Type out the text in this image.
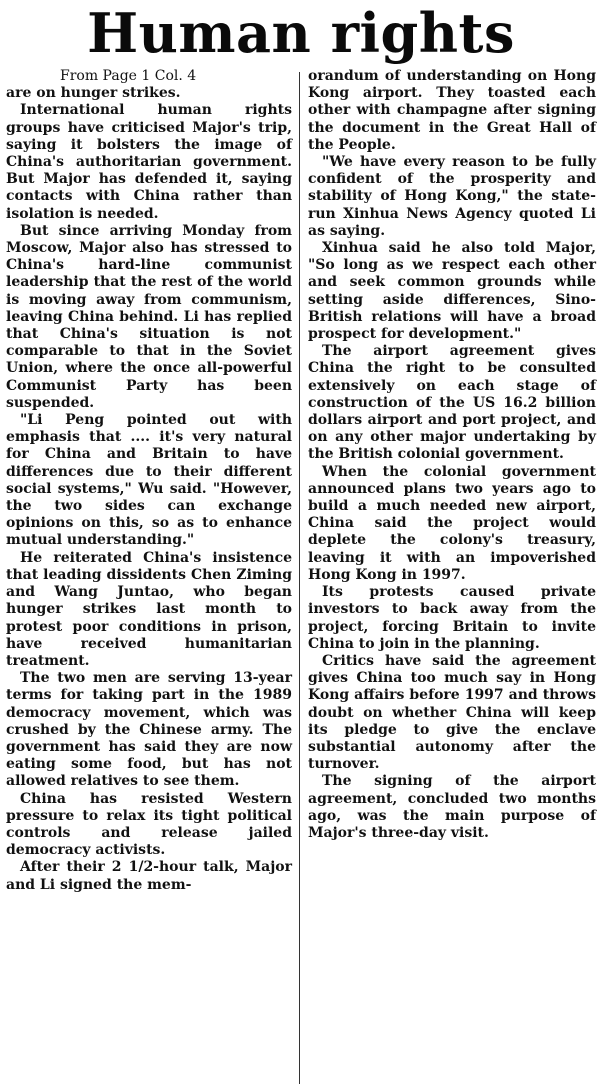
Human rights
From Page 1 Col. 4

are on hunger strikes.

International human rights groups have criticised Major's trip, saying it bolsters the image of China's authoritarian government. But Major has defended it, saying contacts with China rather than isolation is needed.

But since arriving Monday from Moscow, Major also has stressed to China's hard-line communist leadership that the rest of the world is moving away from communism, leaving China behind. Li has replied that China's situation is not comparable to that in the Soviet Union, where the once all-powerful Communist Party has been suspended.

"Li Peng pointed out with emphasis that .... it's very natural for China and Britain to have differences due to their different social systems," Wu said. "However, the two sides can exchange opinions on this, so as to enhance mutual understanding."

He reiterated China's insistence that leading dissidents Chen Ziming and Wang Juntao, who began hunger strikes last month to protest poor conditions in prison, have received humanitarian treatment.

The two men are serving 13-year terms for taking part in the 1989 democracy movement, which was crushed by the Chinese army. The government has said they are now eating some food, but has not allowed relatives to see them.

China has resisted Western pressure to relax its tight political controls and release jailed democracy activists.

After their 2 1/2-hour talk, Major and Li signed the mem-

orandum of understanding on Hong Kong airport. They toasted each other with champagne after signing the document in the Great Hall of the People.

"We have every reason to be fully confident of the prosperity and stability of Hong Kong," the state-run Xinhua News Agency quoted Li as saying.

Xinhua said he also told Major, "So long as we respect each other and seek common grounds while setting aside differences, Sino-British relations will have a broad prospect for development."

The airport agreement gives China the right to be consulted extensively on each stage of construction of the US 16.2 billion dollars airport and port project, and on any other major undertaking by the British colonial government.

When the colonial government announced plans two years ago to build a much needed new airport, China said the project would deplete the colony's treasury, leaving it with an impoverished Hong Kong in 1997.

Its protests caused private investors to back away from the project, forcing Britain to invite China to join in the planning.

Critics have said the agreement gives China too much say in Hong Kong affairs before 1997 and throws doubt on whether China will keep its pledge to give the enclave substantial autonomy after the turnover.

The signing of the airport agreement, concluded two months ago, was the main purpose of Major's three-day visit.
